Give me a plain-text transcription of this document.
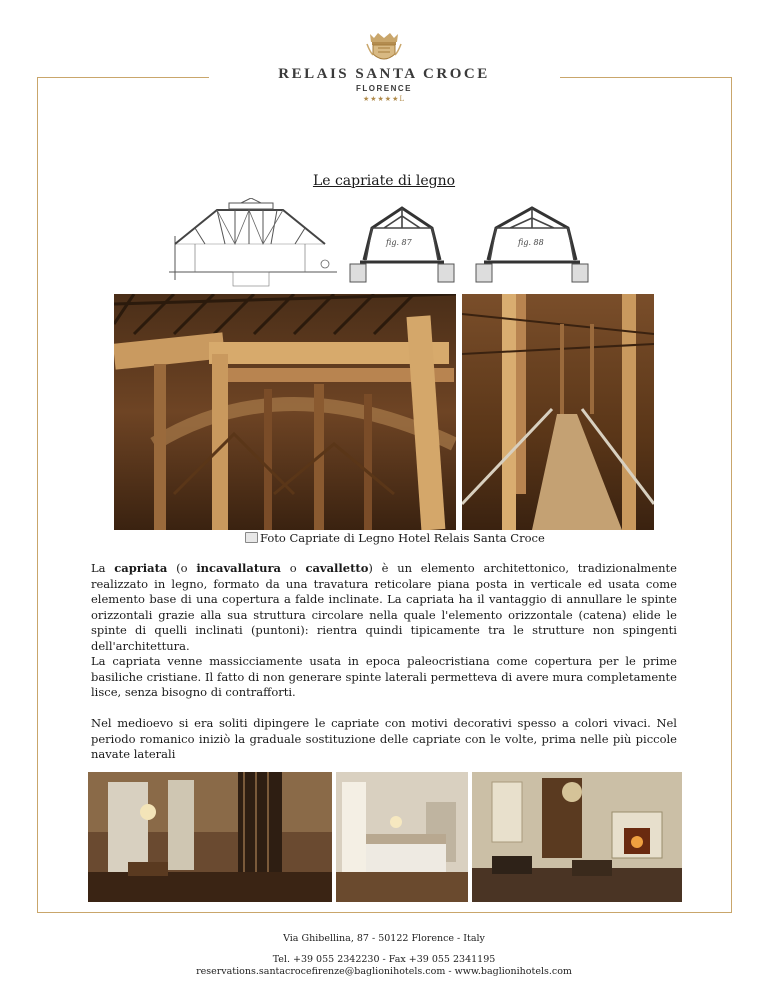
RELAIS SANTA CROCE
FLORENCE
★★★★★L
Le capriate di legno
fig. 87	fig. 88
Foto Capriate di Legno Hotel Relais Santa Croce
La capriata (o incavallatura o cavalletto) è un elemento architettonico, tradizionalmente realizzato in legno, formato da una travatura reticolare piana posta in verticale ed usata come elemento base di una copertura a falde inclinate. La capriata ha il vantaggio di annullare le spinte orizzontali grazie alla sua struttura circolare nella quale l'elemento orizzontale (catena) elide le spinte di quelli inclinati (puntoni): rientra quindi tipicamente tra le strutture non spingenti dell'architettura.
La capriata venne massicciamente usata in epoca paleocristiana come copertura per le prime basiliche cristiane. Il fatto di non generare spinte laterali permetteva di avere mura completamente lisce, senza bisogno di contrafforti.
Nel medioevo si era soliti dipingere le capriate con motivi decorativi spesso a colori vivaci. Nel periodo romanico iniziò la graduale sostituzione delle capriate con le volte, prima nelle più piccole navate laterali
Via Ghibellina, 87 - 50122 Florence - Italy
Tel. +39 055 2342230 - Fax +39 055 2341195
reservations.santacrocefirenze@baglionihotels.com - www.baglionihotels.com
